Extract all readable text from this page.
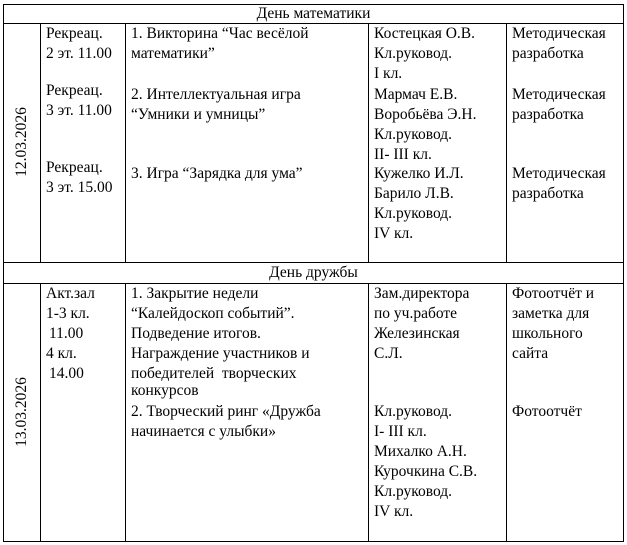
День математики
12.03.2026
Рекреац.
2 эт. 11.00
Рекреац.
3 эт. 11.00
Рекреац.
3 эт. 15.00
1. Викторина “Час весёлой
математики”
2. Интеллектуальная игра
“Умники и умницы”
3. Игра “Зарядка для ума”
Костецкая О.В.
Кл.руковод.
I кл.
Мармач Е.В.
Воробьёва Э.Н.
Кл.руковод.
II- III кл.
Кужелко И.Л.
Барило Л.В.
Кл.руковод.
IV кл.
Методическая
разработка
Методическая
разработка
Методическая
разработка
День дружбы
13.03.2026
Акт.зал
1-3 кл.
11.00
4 кл.
14.00
1. Закрытие недели
“Калейдоскоп событий”.
Подведение итогов.
Награждение участников и
победителей  творческих
конкурсов
2. Творческий ринг «Дружба
начинается с улыбки»
Зам.директора
по уч.работе
Железинская
С.Л.
Кл.руковод.
I- III кл.
Михалко А.Н.
Курочкина С.В.
Кл.руковод.
IV кл.
Фотоотчёт и
заметка для
школьного
сайта
Фотоотчёт
